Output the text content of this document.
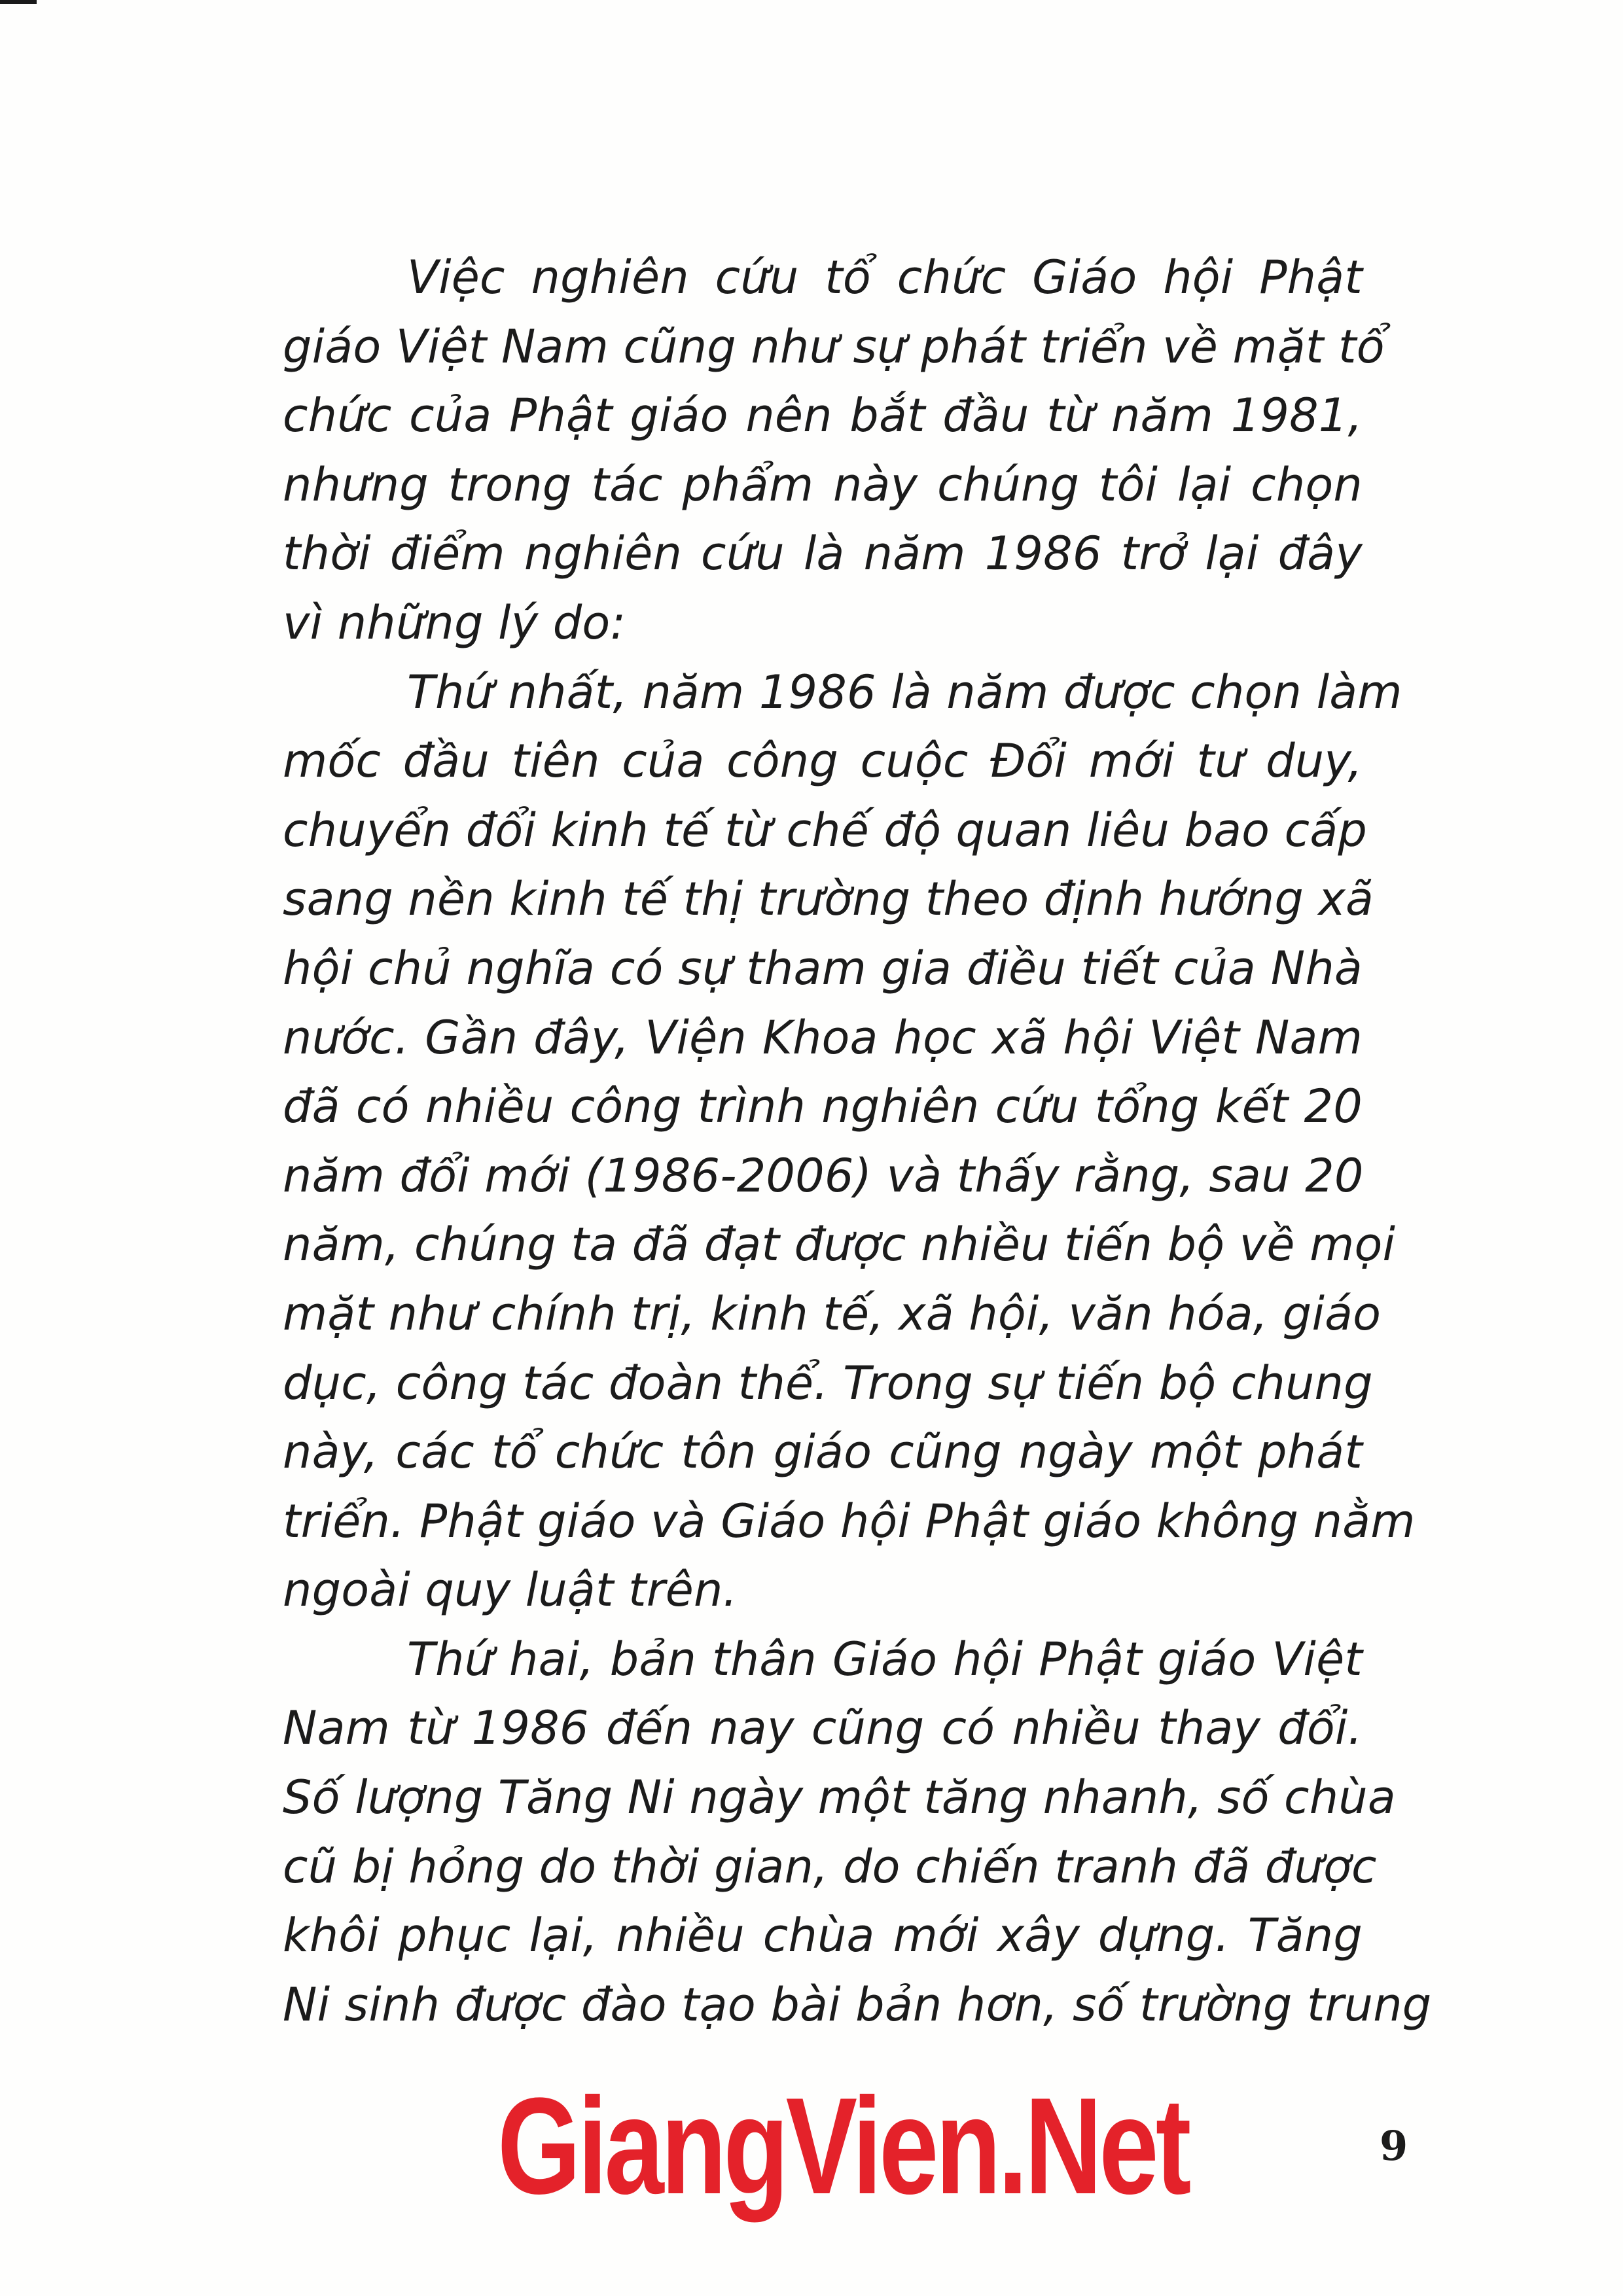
Việc nghiên cứu tổ chức Giáo hội Phật
giáo Việt Nam cũng như sự phát triển về mặt tổ
chức của Phật giáo nên bắt đầu từ năm 1981,
nhưng trong tác phẩm này chúng tôi lại chọn
thời điểm nghiên cứu là năm 1986 trở lại đây
vì những lý do:
Thứ nhất, năm 1986 là năm được chọn làm
mốc đầu tiên của công cuộc Đổi mới tư duy,
chuyển đổi kinh tế từ chế độ quan liêu bao cấp
sang nền kinh tế thị trường theo định hướng xã
hội chủ nghĩa có sự tham gia điều tiết của Nhà
nước. Gần đây, Viện Khoa học xã hội Việt Nam
đã có nhiều công trình nghiên cứu tổng kết 20
năm đổi mới (1986-2006) và thấy rằng, sau 20
năm, chúng ta đã đạt được nhiều tiến bộ về mọi
mặt như chính trị, kinh tế, xã hội, văn hóa, giáo
dục, công tác đoàn thể. Trong sự tiến bộ chung
này, các tổ chức tôn giáo cũng ngày một phát
triển. Phật giáo và Giáo hội Phật giáo không nằm
ngoài quy luật trên.
Thứ hai, bản thân Giáo hội Phật giáo Việt
Nam từ 1986 đến nay cũng có nhiều thay đổi.
Số lượng Tăng Ni ngày một tăng nhanh, số chùa
cũ bị hỏng do thời gian, do chiến tranh đã được
khôi phục lại, nhiều chùa mới xây dựng. Tăng
Ni sinh được đào tạo bài bản hơn, số trường trung
GiangVien.Net	9
